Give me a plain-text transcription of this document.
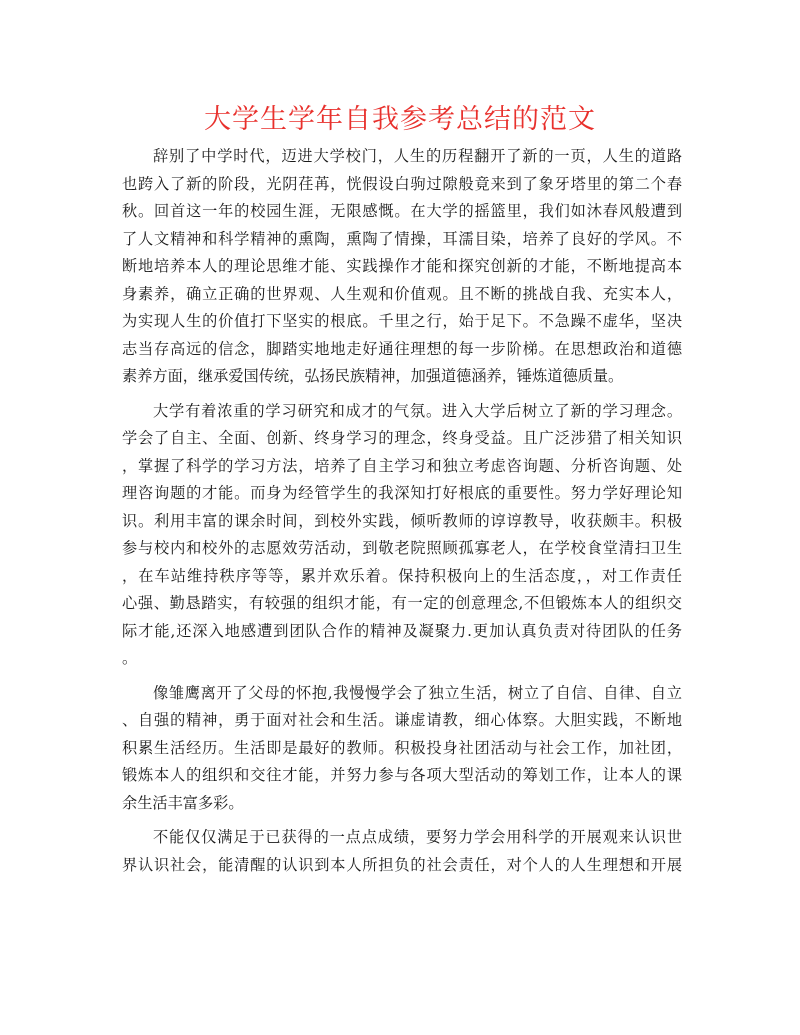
大学生学年自我参考总结的范文
辞别了中学时代，迈进大学校门，人生的历程翻开了新的一页，人生的道路
也跨入了新的阶段，光阴荏苒，恍假设白驹过隙般竟来到了象牙塔里的第二个春
秋。回首这一年的校园生涯，无限感慨。在大学的摇篮里，我们如沐春风般遭到
了人文精神和科学精神的熏陶，熏陶了情操，耳濡目染，培养了良好的学风。不
断地培养本人的理论思维才能、实践操作才能和探究创新的才能，不断地提高本
身素养，确立正确的世界观、人生观和价值观。且不断的挑战自我、充实本人，
为实现人生的价值打下坚实的根底。千里之行，始于足下。不急躁不虚华，坚决
志当存高远的信念，脚踏实地地走好通往理想的每一步阶梯。在思想政治和道德
素养方面，继承爱国传统，弘扬民族精神，加强道德涵养，锤炼道德质量。
大学有着浓重的学习研究和成才的气氛。进入大学后树立了新的学习理念。
学会了自主、全面、创新、终身学习的理念，终身受益。且广泛涉猎了相关知识
，掌握了科学的学习方法，培养了自主学习和独立考虑咨询题、分析咨询题、处
理咨询题的才能。而身为经管学生的我深知打好根底的重要性。努力学好理论知
识。利用丰富的课余时间，到校外实践，倾听教师的谆谆教导，收获颇丰。积极
参与校内和校外的志愿效劳活动，到敬老院照顾孤寡老人，在学校食堂清扫卫生
，在车站维持秩序等等，累并欢乐着。保持积极向上的生活态度，，对工作责任
心强、勤恳踏实，有较强的组织才能，有一定的创意理念,不但锻炼本人的组织交
际才能,还深入地感遭到团队合作的精神及凝聚力.更加认真负责对待团队的任务
。
像雏鹰离开了父母的怀抱,我慢慢学会了独立生活，树立了自信、自律、自立
、自强的精神，勇于面对社会和生活。谦虚请教，细心体察。大胆实践，不断地
积累生活经历。生活即是最好的教师。积极投身社团活动与社会工作，加社团，
锻炼本人的组织和交往才能，并努力参与各项大型活动的筹划工作，让本人的课
余生活丰富多彩。
不能仅仅满足于已获得的一点点成绩，要努力学会用科学的开展观来认识世
界认识社会，能清醒的认识到本人所担负的社会责任，对个人的人生理想和开展
